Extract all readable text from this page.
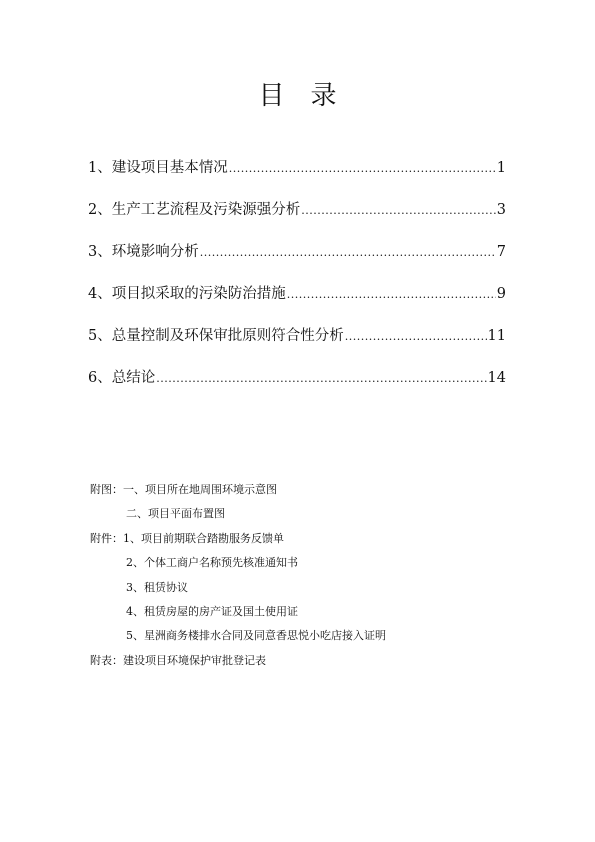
目录
1、建设项目基本情况 .....	1
2、生产工艺流程及污染源强分析 .....	3
3、环境影响分析 .....	7
4、项目拟采取的污染防治措施 .....	9
5、总量控制及环保审批原则符合性分析 .....	11
6、总结论 .....	14
附图：一、项目所在地周围环境示意图
二、项目平面布置图
附件：1、项目前期联合踏勘服务反馈单
2、个体工商户名称预先核准通知书
3、租赁协议
4、租赁房屋的房产证及国土使用证
5、星洲商务楼排水合同及同意香思悦小吃店接入证明
附表：建设项目环境保护审批登记表
